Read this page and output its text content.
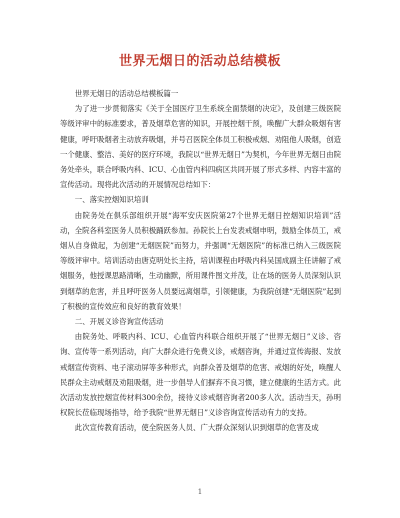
世界无烟日的活动总结模板

世界无烟日的活动总结模板篇一

为了进一步贯彻落实《关于全国医疗卫生系统全面禁烟的决定》，及创建三级医院等级评审中的标准要求，普及烟草危害的知识，开展控烟干预，唤醒广大群众吸烟有害健康，呼吁吸烟者主动放弃吸烟，并号召医院全体员工积极戒烟、劝阻他人吸烟，创造一个健康、整洁、美好的医疗环境，我院以“世界无烟日”为契机，今年世界无烟日由院务处牵头，联合呼吸内科、ICU、心血管内科四病区共同开展了形式多样、内容丰富的宣传活动。现将此次活动的开展情况总结如下：

一、落实控烟知识培训

由院务处在俱乐部组织开展“海军安庆医院第27个世界无烟日控烟知识培训”活动，全院各科室医务人员积极踊跃参加。孙院长上台发表戒烟申明，鼓励全体员工，戒烟从自身做起，为创建“无烟医院”而努力，并强调“无烟医院”的标准已纳入三级医院等级评审中。培训活动由唐克明处长主持，培训课程由呼吸内科吴国成副主任讲解了戒烟服务，他授课思路清晰，生动幽默，所用课件图文并茂，让在场的医务人员深刻认识到烟草的危害，并且呼吁医务人员要远离烟草，引领健康，为我院创建“无烟医院”起到了积极的宣传效应和良好的教育效果！

二、开展义诊咨询宣传活动

由院务处、呼吸内科、ICU、心血管内科联合组织开展了“世界无烟日”义诊、咨询、宣传等一系列活动，向广大群众进行免费义诊，戒烟咨询，并通过宣传海报、发放戒烟宣传资料、电子滚动屏等多种形式，向群众普及烟草的危害、戒烟的好处，唤醒人民群众主动戒烟及劝阻吸烟，进一步倡导人们摒弃不良习惯，建立健康的生活方式。此次活动发放控烟宣传材料300余份，接待义诊戒烟咨询者200多人次。活动当天，孙明权院长莅临现场指导，给予我院“世界无烟日”义诊咨询宣传活动有力的支持。

此次宣传教育活动，使全院医务人员、广大群众深刻认识到烟草的危害及成

1
